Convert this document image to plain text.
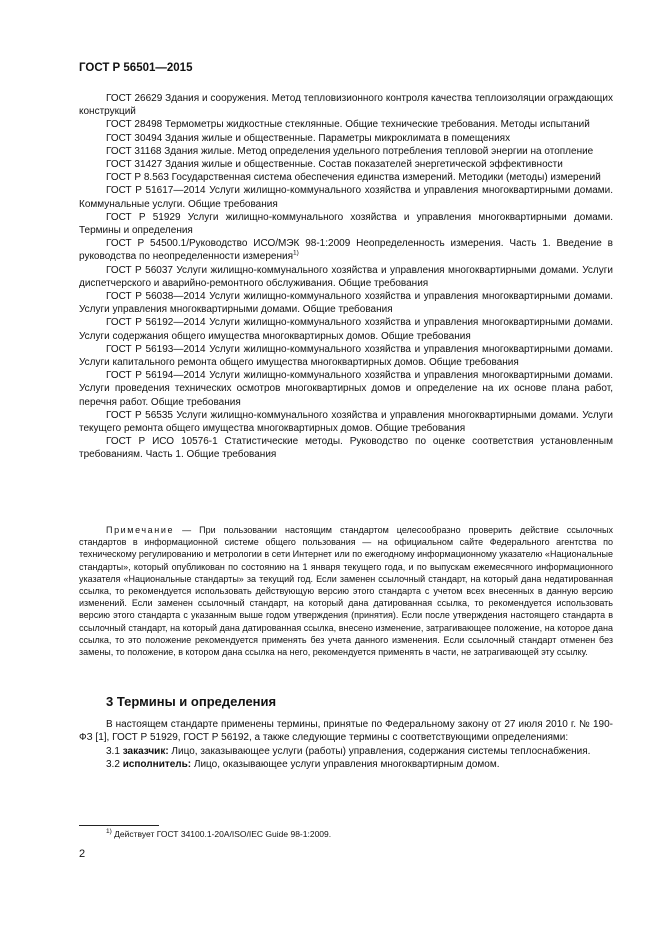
ГОСТ Р 56501—2015

ГОСТ 26629 Здания и сооружения. Метод тепловизионного контроля качества теплоизоляции ограждающих конструкций

ГОСТ 28498 Термометры жидкостные стеклянные. Общие технические требования. Методы испытаний

ГОСТ 30494 Здания жилые и общественные. Параметры микроклимата в помещениях

ГОСТ 31168 Здания жилые. Метод определения удельного потребления тепловой энергии на отопление

ГОСТ 31427 Здания жилые и общественные. Состав показателей энергетической эффективности

ГОСТ Р 8.563 Государственная система обеспечения единства измерений. Методики (методы) измерений

ГОСТ Р 51617—2014 Услуги жилищно-коммунального хозяйства и управления многоквартирными домами. Коммунальные услуги. Общие требования

ГОСТ Р 51929 Услуги жилищно-коммунального хозяйства и управления многоквартирными домами. Термины и определения

ГОСТ Р 54500.1/Руководство ИСО/МЭК 98-1:2009 Неопределенность измерения. Часть 1. Введение в руководства по неопределенности измерения$^{1)}$

ГОСТ Р 56037 Услуги жилищно-коммунального хозяйства и управления многоквартирными домами. Услуги диспетчерского и аварийно-ремонтного обслуживания. Общие требования

ГОСТ Р 56038—2014 Услуги жилищно-коммунального хозяйства и управления многоквартирными домами. Услуги управления многоквартирными домами. Общие требования

ГОСТ Р 56192—2014 Услуги жилищно-коммунального хозяйства и управления многоквартирными домами. Услуги содержания общего имущества многоквартирных домов. Общие требования

ГОСТ Р 56193—2014 Услуги жилищно-коммунального хозяйства и управления многоквартирными домами. Услуги капитального ремонта общего имущества многоквартирных домов. Общие требования

ГОСТ Р 56194—2014 Услуги жилищно-коммунального хозяйства и управления многоквартирными домами. Услуги проведения технических осмотров многоквартирных домов и определение на их основе плана работ, перечня работ. Общие требования

ГОСТ Р 56535 Услуги жилищно-коммунального хозяйства и управления многоквартирными домами. Услуги текущего ремонта общего имущества многоквартирных домов. Общие требования

ГОСТ Р ИСО 10576-1 Статистические методы. Руководство по оценке соответствия установленным требованиям. Часть 1. Общие требования

Примечание — При пользовании настоящим стандартом целесообразно проверить действие ссылочных стандартов в информационной системе общего пользования — на официальном сайте Федерального агентства по техническому регулированию и метрологии в сети Интернет или по ежегодному информационному указателю «Национальные стандарты», который опубликован по состоянию на 1 января текущего года, и по выпускам ежемесячного информационного указателя «Национальные стандарты» за текущий год. Если заменен ссылочный стандарт, на который дана недатированная ссылка, то рекомендуется использовать действующую версию этого стандарта с учетом всех внесенных в данную версию изменений. Если заменен ссылочный стандарт, на который дана датированная ссылка, то рекомендуется использовать версию этого стандарта с указанным выше годом утверждения (принятия). Если после утверждения настоящего стандарта в ссылочный стандарт, на который дана датированная ссылка, внесено изменение, затрагивающее положение, на которое дана ссылка, то это положение рекомендуется применять без учета данного изменения. Если ссылочный стандарт отменен без замены, то положение, в котором дана ссылка на него, рекомендуется применять в части, не затрагивающей эту ссылку.

3 Термины и определения

В настоящем стандарте применены термины, принятые по Федеральному закону от 27 июля 2010 г. № 190-ФЗ [1], ГОСТ Р 51929, ГОСТ Р 56192, а также следующие термины с соответствующими определениями:

3.1 заказчик: Лицо, заказывающее услуги (работы) управления, содержания системы теплоснабжения.

3.2 исполнитель: Лицо, оказывающее услуги управления многоквартирным домом.

$^{1)}$ Действует ГОСТ 34100.1-20А/ISO/IEC Guide 98-1:2009.
2
